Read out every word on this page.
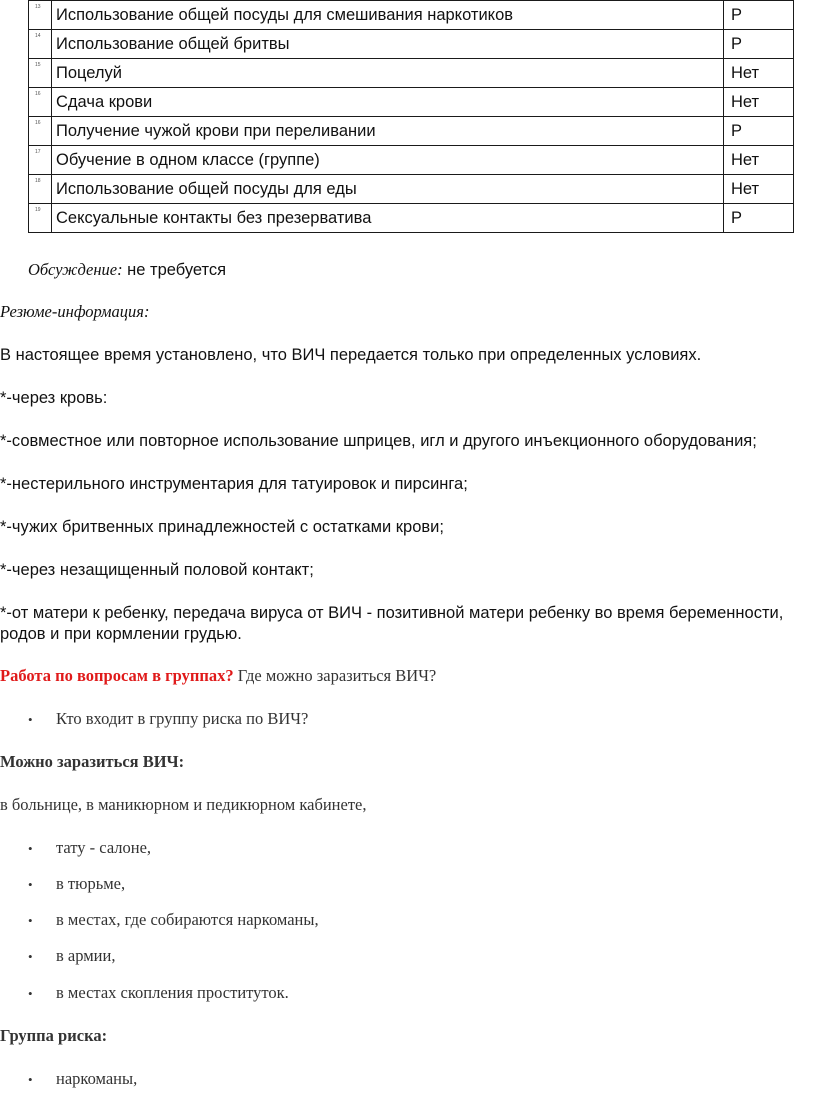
13	Использование общей посуды для смешивания наркотиков	Р

14	Использование общей бритвы	Р

15	Поцелуй	Нет

16	Сдача крови	Нет

16	Получение чужой крови при переливании	Р

17	Обучение в одном классе (группе)	Нет

18	Использование общей посуды для еды	Нет

19	Сексуальные контакты без презерватива	Р

Обсуждение: не требуется

Резюме-информация:

В настоящее время установлено, что ВИЧ передается только при определенных условиях.

*-через кровь:

*-совместное или повторное использование шприцев, игл и другого инъекционного оборудования;

*-нестерильного инструментария для татуировок и пирсинга;

*-чужих бритвенных принадлежностей с остатками крови;

*-через незащищенный половой контакт;

*-от матери к ребенку, передача вируса от ВИЧ - позитивной матери ребенку во время беременности,

родов и при кормлении грудью.

Работа по вопросам в группах? Где можно заразиться ВИЧ?

• Кто входит в группу риска по ВИЧ?

Можно заразиться ВИЧ:

в больнице, в маникюрном и педикюрном кабинете,

• тату - салоне,
• в тюрьме,
• в местах, где собираются наркоманы,
• в армии,
• в местах скопления проституток.

Группа риска:

• наркоманы,
